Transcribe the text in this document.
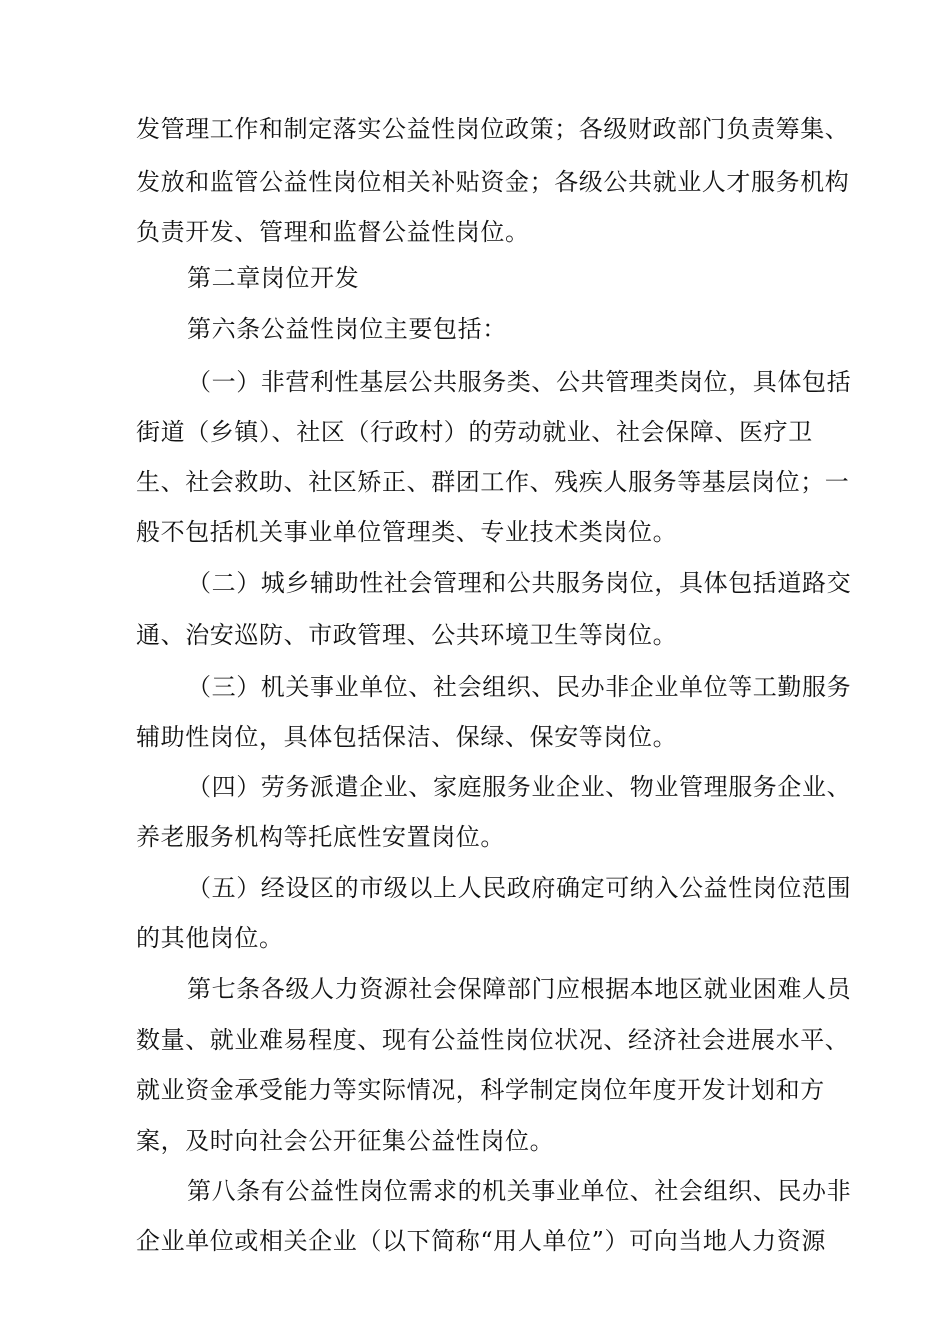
发管理工作和制定落实公益性岗位政策；各级财政部门负责筹集、
发放和监管公益性岗位相关补贴资金；各级公共就业人才服务机构
负责开发、管理和监督公益性岗位。
第二章岗位开发
第六条公益性岗位主要包括：
（一）非营利性基层公共服务类、公共管理类岗位，具体包括
街道（乡镇）、社区（行政村）的劳动就业、社会保障、医疗卫
生、社会救助、社区矫正、群团工作、残疾人服务等基层岗位；一
般不包括机关事业单位管理类、专业技术类岗位。
（二）城乡辅助性社会管理和公共服务岗位，具体包括道路交
通、治安巡防、市政管理、公共环境卫生等岗位。
（三）机关事业单位、社会组织、民办非企业单位等工勤服务
辅助性岗位，具体包括保洁、保绿、保安等岗位。
（四）劳务派遣企业、家庭服务业企业、物业管理服务企业、
养老服务机构等托底性安置岗位。
（五）经设区的市级以上人民政府确定可纳入公益性岗位范围
的其他岗位。
第七条各级人力资源社会保障部门应根据本地区就业困难人员
数量、就业难易程度、现有公益性岗位状况、经济社会进展水平、
就业资金承受能力等实际情况，科学制定岗位年度开发计划和方
案，及时向社会公开征集公益性岗位。
第八条有公益性岗位需求的机关事业单位、社会组织、民办非
企业单位或相关企业（以下简称“用人单位”）可向当地人力资源
